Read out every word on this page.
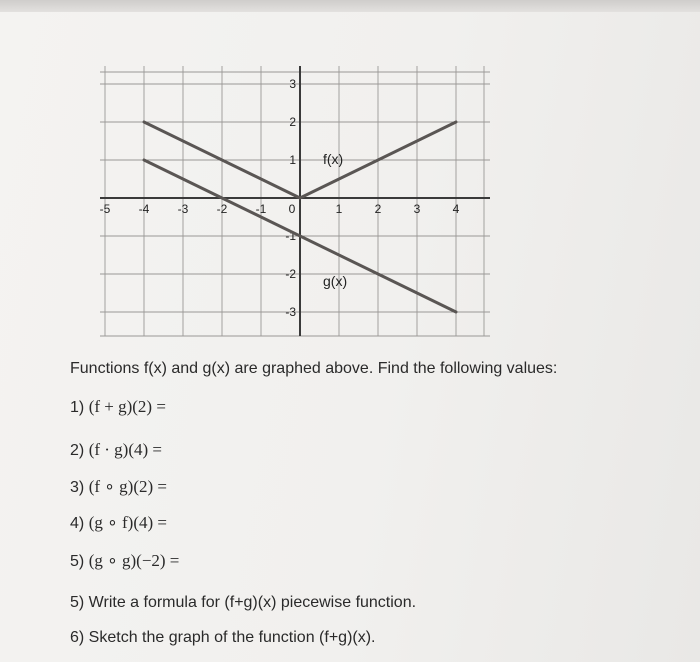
-5 -4 -3 -2 -1 0	1	2	3	4
3
2
1
-1
-2
-3
f(x)
g(x)
Functions f(x) and g(x) are graphed above. Find the following values:
1) (f + g)(2) =
2) (f · g)(4) =
3) (f ∘ g)(2) =
4) (g ∘ f)(4) =
5) (g ∘ g)(−2) =
5) Write a formula for (f+g)(x) piecewise function.
6) Sketch the graph of the function (f+g)(x).
